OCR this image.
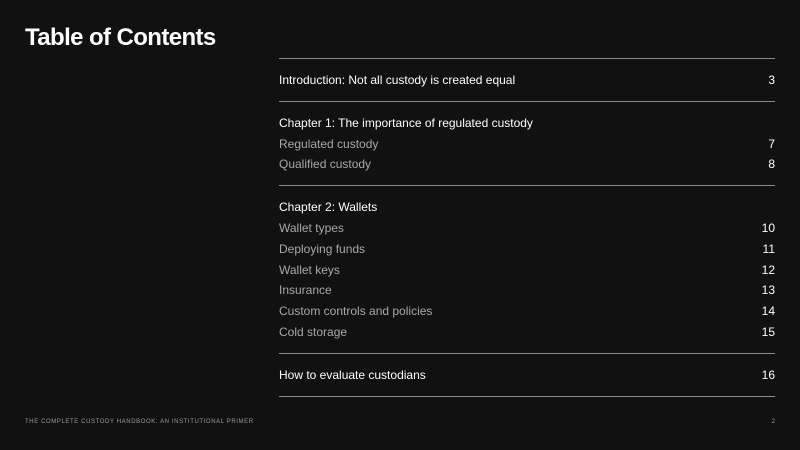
Table of Contents
Introduction: Not all custody is created equal	3
Chapter 1: The importance of regulated custody
Regulated custody	7
Qualified custody	8
Chapter 2: Wallets
Wallet types	10
Deploying funds	11
Wallet keys	12
Insurance	13
Custom controls and policies	14
Cold storage	15
How to evaluate custodians	16
THE COMPLETE CUSTODY HANDBOOK: AN INSTITUTIONAL PRIMER	2
